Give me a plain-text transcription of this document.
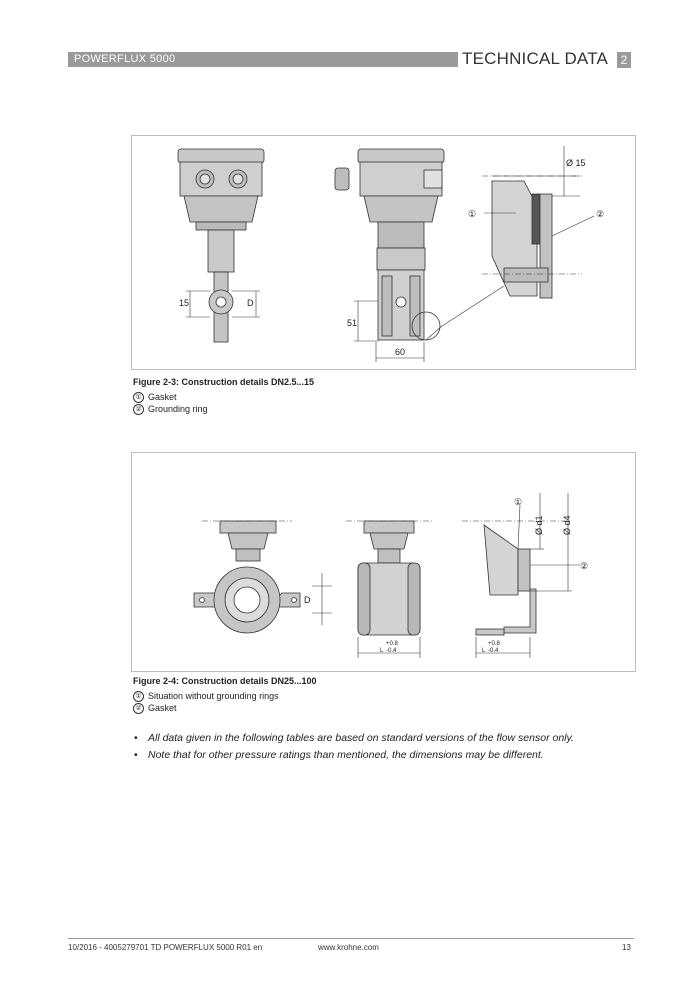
POWERFLUX 5000	TECHNICAL DATA	2
15	D
51
60
Ø 15
①	②
Figure 2-3: Construction details DN2.5...15
① Gasket
② Grounding ring
D
+0.8
L -0.4
+0.8
L -0.4
Ø d1 Ø d4
①
②
Figure 2-4: Construction details DN25...100
① Situation without grounding rings
② Gasket
• All data given in the following tables are based on standard versions of the flow sensor only.
• Note that for other pressure ratings than mentioned, the dimensions may be different.
10/2016 - 4005279701 TD POWERFLUX 5000 R01 en	www.krohne.com	13
